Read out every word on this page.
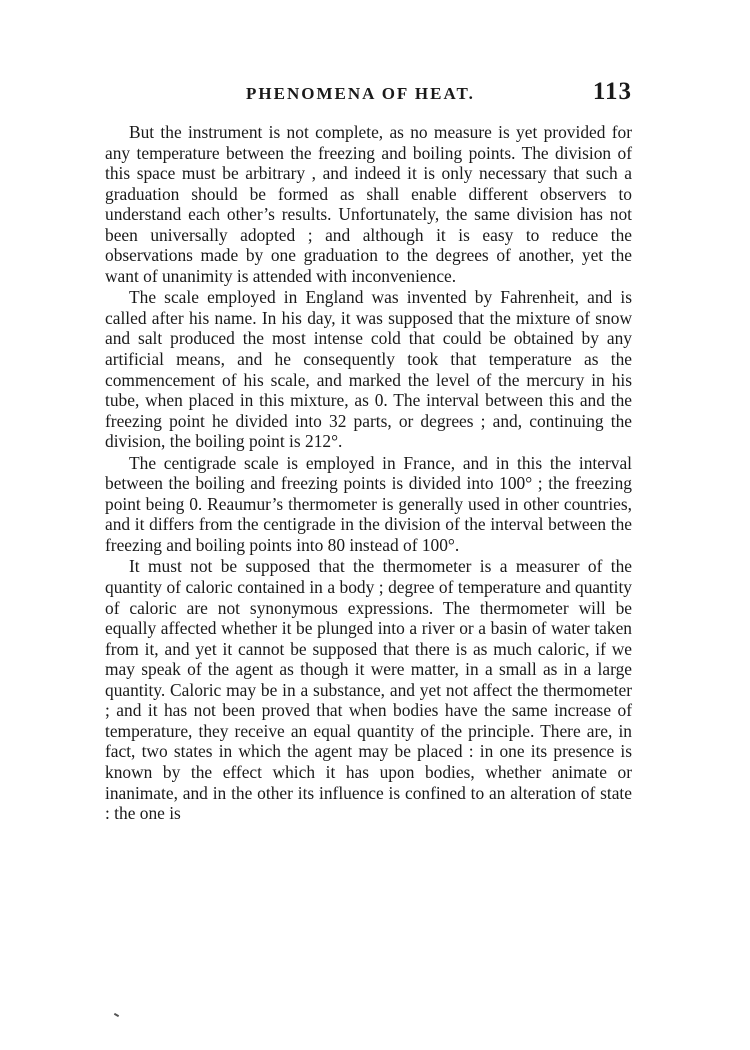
PHENOMENA OF HEAT.	113

But the instrument is not complete, as no measure is yet provided for any temperature between the freezing and boiling points. The division of this space must be arbitrary , and indeed it is only necessary that such a graduation should be formed as shall enable different observers to understand each other’s results. Unfortunately, the same division has not been universally adopted ; and although it is easy to reduce the observations made by one graduation to the degrees of another, yet the want of unanimity is attended with inconvenience.

The scale employed in England was invented by Fahrenheit, and is called after his name. In his day, it was supposed that the mixture of snow and salt produced the most intense cold that could be obtained by any artificial means, and he consequently took that temperature as the commencement of his scale, and marked the level of the mercury in his tube, when placed in this mixture, as 0. The interval between this and the freezing point he divided into 32 parts, or degrees ; and, continuing the division, the boiling point is 212°.

The centigrade scale is employed in France, and in this the interval between the boiling and freezing points is divided into 100° ; the freezing point being 0. Reaumur’s thermometer is generally used in other countries, and it differs from the centigrade in the division of the interval between the freezing and boiling points into 80 instead of 100°.

It must not be supposed that the thermometer is a measurer of the quantity of caloric contained in a body ; degree of temperature and quantity of caloric are not synonymous expressions. The thermometer will be equally affected whether it be plunged into a river or a basin of water taken from it, and yet it cannot be supposed that there is as much caloric, if we may speak of the agent as though it were matter, in a small as in a large quantity. Caloric may be in a substance, and yet not affect the thermometer ; and it has not been proved that when bodies have the same increase of temperature, they receive an equal quantity of the principle. There are, in fact, two states in which the agent may be placed : in one its presence is known by the effect which it has upon bodies, whether animate or inanimate, and in the other its influence is confined to an alteration of state : the one is
